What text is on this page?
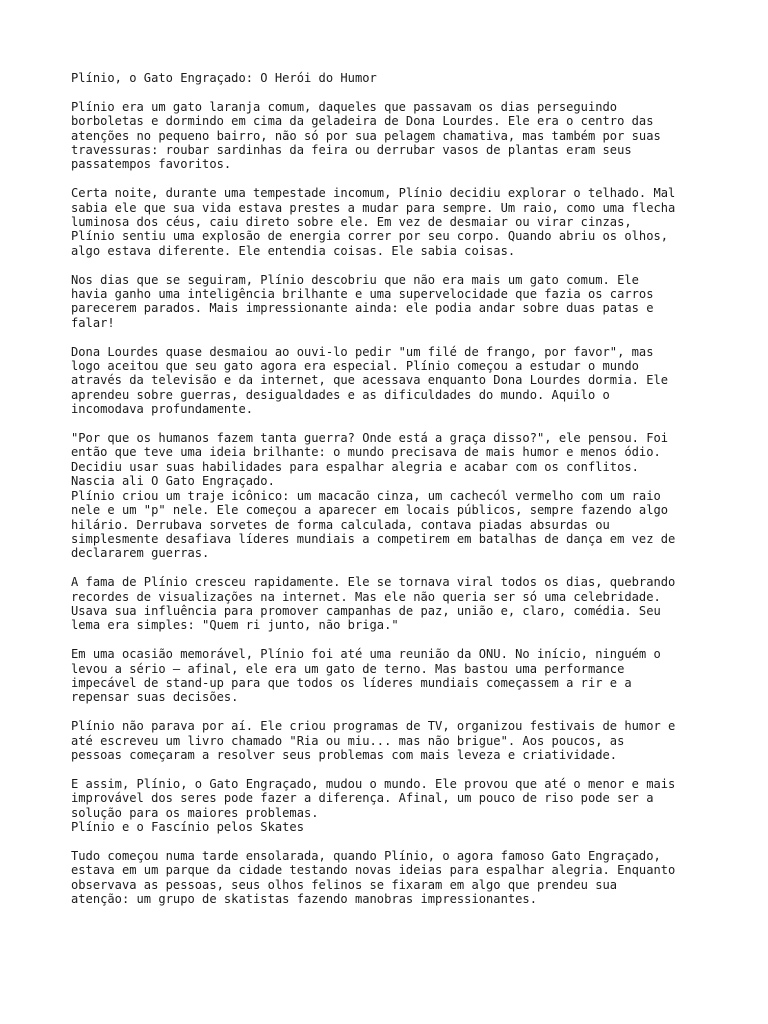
Plínio, o Gato Engraçado: O Herói do Humor

Plínio era um gato laranja comum, daqueles que passavam os dias perseguindo
borboletas e dormindo em cima da geladeira de Dona Lourdes. Ele era o centro das
atenções no pequeno bairro, não só por sua pelagem chamativa, mas também por suas
travessuras: roubar sardinhas da feira ou derrubar vasos de plantas eram seus
passatempos favoritos.

Certa noite, durante uma tempestade incomum, Plínio decidiu explorar o telhado. Mal
sabia ele que sua vida estava prestes a mudar para sempre. Um raio, como uma flecha
luminosa dos céus, caiu direto sobre ele. Em vez de desmaiar ou virar cinzas,
Plínio sentiu uma explosão de energia correr por seu corpo. Quando abriu os olhos,
algo estava diferente. Ele entendia coisas. Ele sabia coisas.

Nos dias que se seguiram, Plínio descobriu que não era mais um gato comum. Ele
havia ganho uma inteligência brilhante e uma supervelocidade que fazia os carros
parecerem parados. Mais impressionante ainda: ele podia andar sobre duas patas e
falar!

Dona Lourdes quase desmaiou ao ouvi-lo pedir "um filé de frango, por favor", mas
logo aceitou que seu gato agora era especial. Plínio começou a estudar o mundo
através da televisão e da internet, que acessava enquanto Dona Lourdes dormia. Ele
aprendeu sobre guerras, desigualdades e as dificuldades do mundo. Aquilo o
incomodava profundamente.

"Por que os humanos fazem tanta guerra? Onde está a graça disso?", ele pensou. Foi
então que teve uma ideia brilhante: o mundo precisava de mais humor e menos ódio.
Decidiu usar suas habilidades para espalhar alegria e acabar com os conflitos.
Nascia ali O Gato Engraçado.
Plínio criou um traje icônico: um macacão cinza, um cachecól vermelho com um raio
nele e um "p" nele. Ele começou a aparecer em locais públicos, sempre fazendo algo
hilário. Derrubava sorvetes de forma calculada, contava piadas absurdas ou
simplesmente desafiava líderes mundiais a competirem em batalhas de dança em vez de
declararem guerras.

A fama de Plínio cresceu rapidamente. Ele se tornava viral todos os dias, quebrando
recordes de visualizações na internet. Mas ele não queria ser só uma celebridade.
Usava sua influência para promover campanhas de paz, união e, claro, comédia. Seu
lema era simples: "Quem ri junto, não briga."

Em uma ocasião memorável, Plínio foi até uma reunião da ONU. No início, ninguém o
levou a sério — afinal, ele era um gato de terno. Mas bastou uma performance
impecável de stand-up para que todos os líderes mundiais começassem a rir e a
repensar suas decisões.

Plínio não parava por aí. Ele criou programas de TV, organizou festivais de humor e
até escreveu um livro chamado "Ria ou miu... mas não brigue". Aos poucos, as
pessoas começaram a resolver seus problemas com mais leveza e criatividade.

E assim, Plínio, o Gato Engraçado, mudou o mundo. Ele provou que até o menor e mais
improvável dos seres pode fazer a diferença. Afinal, um pouco de riso pode ser a
solução para os maiores problemas.
Plínio e o Fascínio pelos Skates

Tudo começou numa tarde ensolarada, quando Plínio, o agora famoso Gato Engraçado,
estava em um parque da cidade testando novas ideias para espalhar alegria. Enquanto
observava as pessoas, seus olhos felinos se fixaram em algo que prendeu sua
atenção: um grupo de skatistas fazendo manobras impressionantes.
